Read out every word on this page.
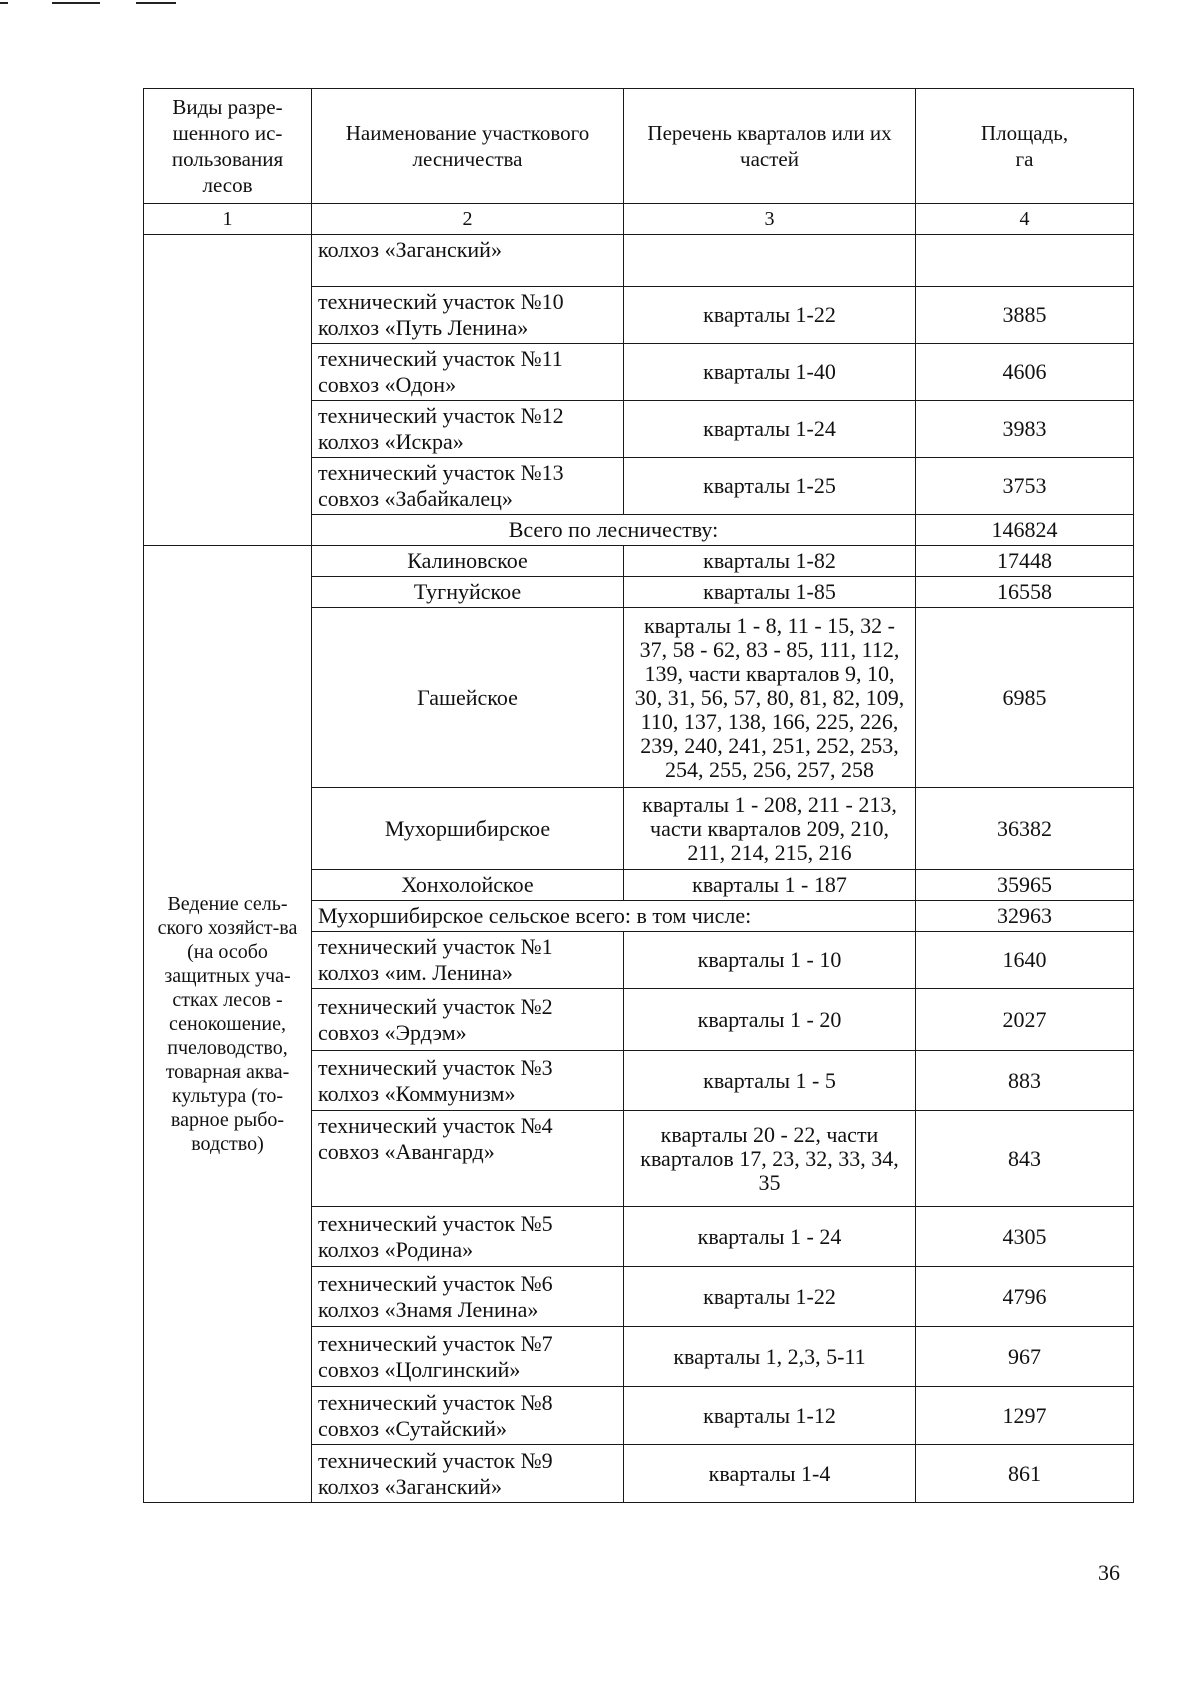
Виды разре-шенного ис-пользования лесов	Наименование участкового лесничества	Перечень кварталов или их частей	Площадь, га
1	2	3	4
	колхоз «Заганский»		
	технический участок №10 колхоз «Путь Ленина»	кварталы 1-22	3885
	технический участок №11 совхоз «Одон»	кварталы 1-40	4606
	технический участок №12 колхоз «Искра»	кварталы 1-24	3983
	технический участок №13 совхоз «Забайкалец»	кварталы 1-25	3753
	Всего по лесничеству:		146824
Ведение сель-ского хозяйст-ва (на особо защитных уча-стках лесов - сенокошение, пчеловодство, товарная аква-культура (то-варное рыбо-водство)	Калиновское	кварталы 1-82	17448
	Тугнуйское	кварталы 1-85	16558
	Гашейское	кварталы 1 - 8, 11 - 15, 32 - 37, 58 - 62, 83 - 85, 111, 112, 139, части кварталов 9, 10, 30, 31, 56, 57, 80, 81, 82, 109, 110, 137, 138, 166, 225, 226, 239, 240, 241, 251, 252, 253, 254, 255, 256, 257, 258	6985
	Мухоршибирское	кварталы 1 - 208, 211 - 213, части кварталов 209, 210, 211, 214, 215, 216	36382
	Хонхолойское	кварталы 1 - 187	35965
	Мухоршибирское сельское всего: в том числе:		32963
	технический участок №1 колхоз «им. Ленина»	кварталы 1 - 10	1640
	технический участок №2 совхоз «Эрдэм»	кварталы 1 - 20	2027
	технический участок №3 колхоз «Коммунизм»	кварталы 1 - 5	883
	технический участок №4 совхоз «Авангард»	кварталы 20 - 22, части кварталов 17, 23, 32, 33, 34, 35	843
	технический участок №5 колхоз «Родина»	кварталы 1 - 24	4305
	технический участок №6 колхоз «Знамя Ленина»	кварталы 1-22	4796
	технический участок №7 совхоз «Цолгинский»	кварталы 1, 2,3, 5-11	967
	технический участок №8 совхоз «Сутайский»	кварталы 1-12	1297
	технический участок №9 колхоз «Заганский»	кварталы 1-4	861
36
